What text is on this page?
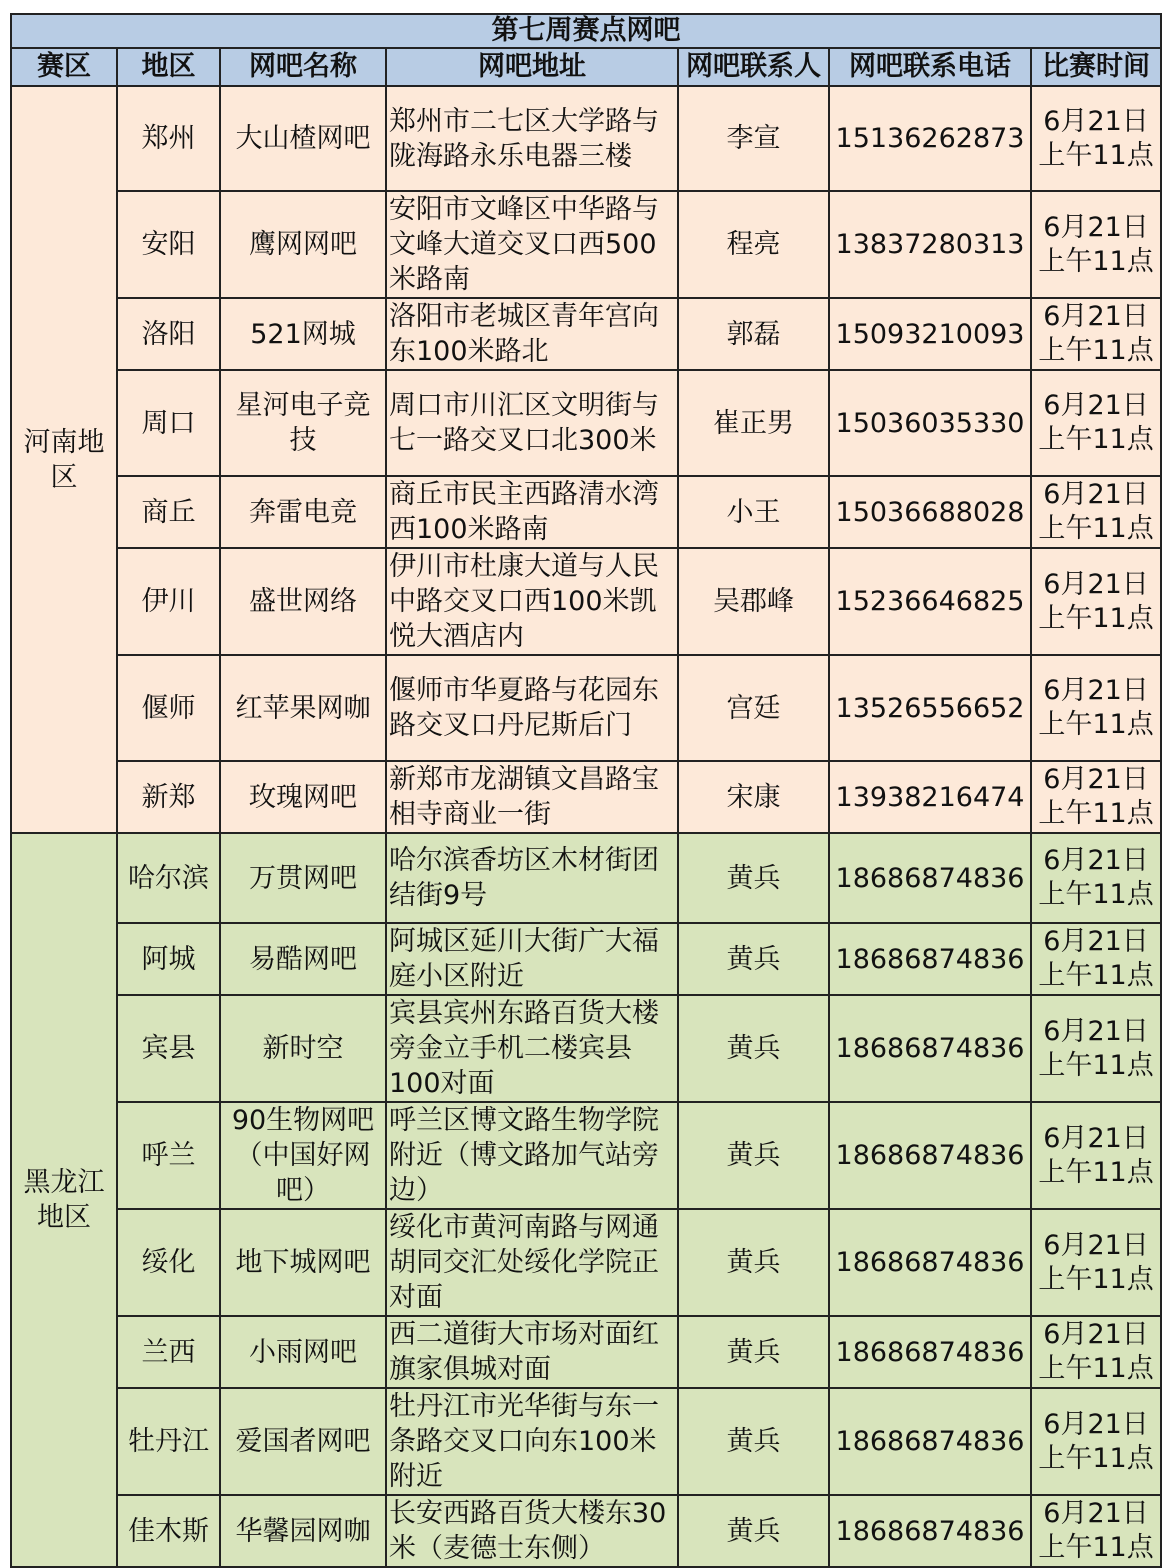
第七周赛点网吧						
赛区	地区	网吧名称	网吧地址	网吧联系人	网吧联系电话	比赛时间
河南地区	郑州	大山楂网吧	郑州市二七区大学路与陇海路永乐电器三楼	李宣	15136262873	6月21日上午11点
	安阳	鹰网网吧	安阳市文峰区中华路与文峰大道交叉口西500米路南	程亮	13837280313	6月21日上午11点
	洛阳	521网城	洛阳市老城区青年宫向东100米路北	郭磊	15093210093	6月21日上午11点
	周口	星河电子竞技	周口市川汇区文明街与七一路交叉口北300米	崔正男	15036035330	6月21日上午11点
	商丘	奔雷电竞	商丘市民主西路清水湾西100米路南	小王	15036688028	6月21日上午11点
	伊川	盛世网络	伊川市杜康大道与人民中路交叉口西100米凯悦大酒店内	吴郡峰	15236646825	6月21日上午11点
	偃师	红苹果网咖	偃师市华夏路与花园东路交叉口丹尼斯后门	宫廷	13526556652	6月21日上午11点
	新郑	玫瑰网吧	新郑市龙湖镇文昌路宝相寺商业一街	宋康	13938216474	6月21日上午11点
黑龙江地区	哈尔滨	万贯网吧	哈尔滨香坊区木材街团结街9号	黄兵	18686874836	6月21日上午11点
	阿城	易酷网吧	阿城区延川大街广大福庭小区附近	黄兵	18686874836	6月21日上午11点
	宾县	新时空	宾县宾州东路百货大楼旁金立手机二楼宾县100对面	黄兵	18686874836	6月21日上午11点
	呼兰	90生物网吧（中国好网吧）	呼兰区博文路生物学院附近（博文路加气站旁边）	黄兵	18686874836	6月21日上午11点
	绥化	地下城网吧	绥化市黄河南路与网通胡同交汇处绥化学院正对面	黄兵	18686874836	6月21日上午11点
	兰西	小雨网吧	西二道街大市场对面红旗家俱城对面	黄兵	18686874836	6月21日上午11点
	牡丹江	爱国者网吧	牡丹江市光华街与东一条路交叉口向东100米附近	黄兵	18686874836	6月21日上午11点
	佳木斯	华馨园网咖	长安西路百货大楼东30米（麦德士东侧）	黄兵	18686874836	6月21日上午11点
